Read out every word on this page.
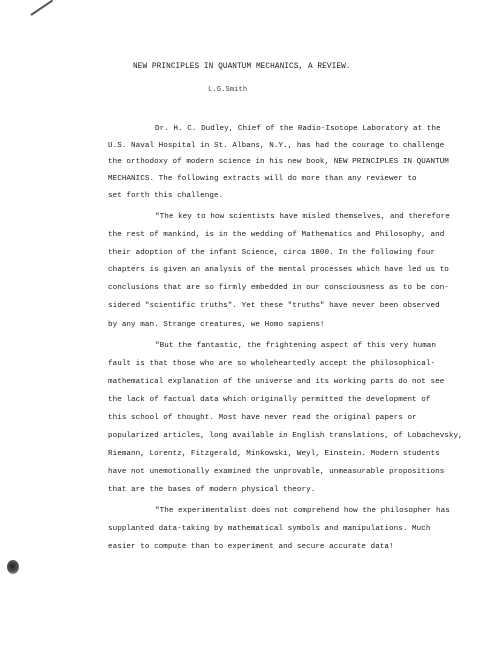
NEW PRINCIPLES IN QUANTUM MECHANICS, A REVIEW.
L.G.Smith
Dr. H. C. Dudley, Chief of the Radio-Isotope Laboratory at the
U.S. Naval Hospital in St. Albans, N.Y., has had the courage to challenge
the orthodoxy of modern science in his new book, NEW PRINCIPLES IN QUANTUM
MECHANICS. The following extracts will do more than any reviewer to
set forth this challenge.
"The key to how scientists have misled themselves, and therefore
the rest of mankind, is in the wedding of Mathematics and Philosophy, and
their adoption of the infant Science, circa 1800. In the following four
chapters is given an analysis of the mental processes which have led us to
conclusions that are so firmly embedded in our consciousness as to be con-
sidered "scientific truths". Yet these "truths" have never been observed
by any man. Strange creatures, we Homo sapiens!
"But the fantastic, the frightening aspect of this very human
fault is that those who are so wholeheartedly accept the philosophical-
mathematical explanation of the universe and its working parts do not see
the lack of factual data which originally permitted the development of
this school of thought. Most have never read the original papers or
popularized articles, long available in English translations, of Lobachevsky,
Riemann, Lorentz, Fitzgerald, Minkowski, Weyl, Einstein. Modern students
have not unemotionally examined the unprovable, unmeasurable propositions
that are the bases of modern physical theory.
"The experimentalist does not comprehend how the philosopher has
supplanted data-taking by mathematical symbols and manipulations. Much
easier to compute than to experiment and secure accurate data!
